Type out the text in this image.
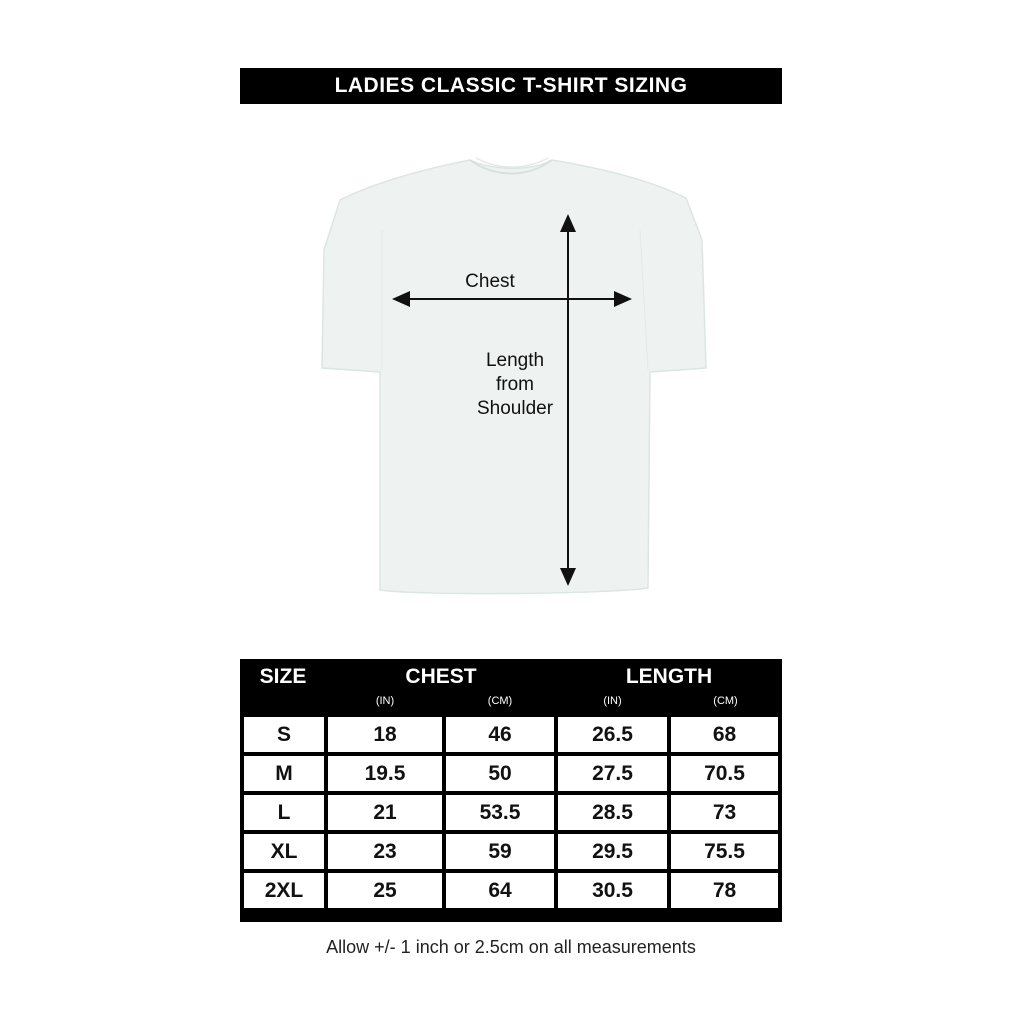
LADIES CLASSIC T-SHIRT SIZING
Chest
Length
from
Shoulder
SIZE	CHEST	LENGTH
(IN)	(CM)	(IN)	(CM)
S	18	46	26.5	68
M	19.5	50	27.5	70.5
L	21	53.5	28.5	73
XL	23	59	29.5	75.5
2XL	25	64	30.5	78
Allow +/- 1 inch or 2.5cm on all measurements
